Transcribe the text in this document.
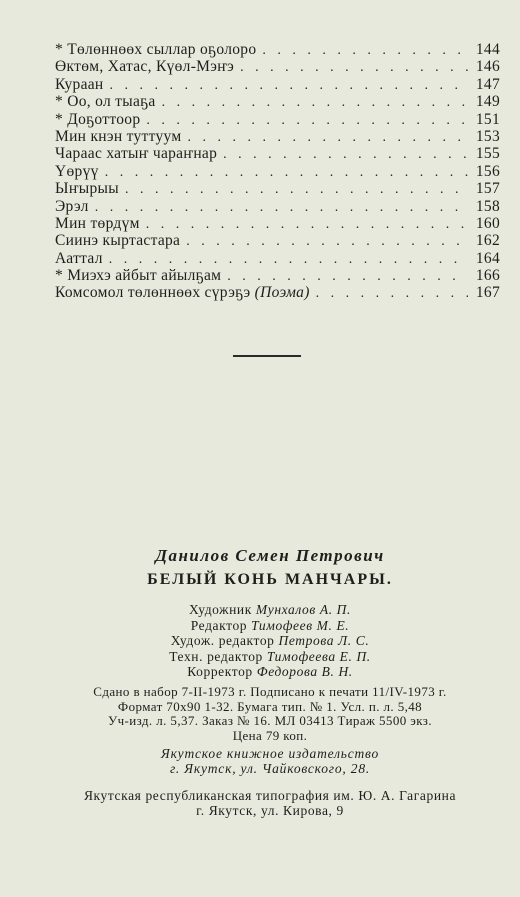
* Төлөннөөх сыллар оҕолоро . . .	144
Өктөм, Хатас, Күөл-Мэҥэ . . .	146
Кураан . . .	147
* Оо, ол тыаҕа . . .	149
* Доҕоттоор . . .	151
Мин кнэн туттуум . . .	153
Чараас хатыҥ чараҥнар . . .	155
Үөрүү . . .	156
Ыҥырыы . . .	157
Эрэл . . .	158
Мин төрдүм . . .	160
Сиинэ кыртастара . . .	162
Ааттал . . .	164
* Миэхэ айбыт айылҕам . . .	166
Комсомол төлөннөөх сүрэҕэ (Поэма) . . .	167
Данилов Семен Петрович
БЕЛЫЙ КОНЬ МАНЧАРЫ.
Художник Мунхалов А. П.
Редактор Тимофеев М. Е.
Худож. редактор Петрова Л. С.
Техн. редактор Тимофеева Е. П.
Корректор Федорова В. Н.
Сдано в набор 7-II-1973 г. Подписано к печати 11/IV-1973 г.
Формат 70х90 1-32. Бумага тип. № 1. Усл. п. л. 5,48
Уч-изд. л. 5,37. Заказ № 16. МЛ 03413 Тираж 5500 экз.
Цена 79 коп.
Якутское книжное издательство
г. Якутск, ул. Чайковского, 28.
Якутская республиканская типография им. Ю. А. Гагарина
г. Якутск, ул. Кирова, 9
